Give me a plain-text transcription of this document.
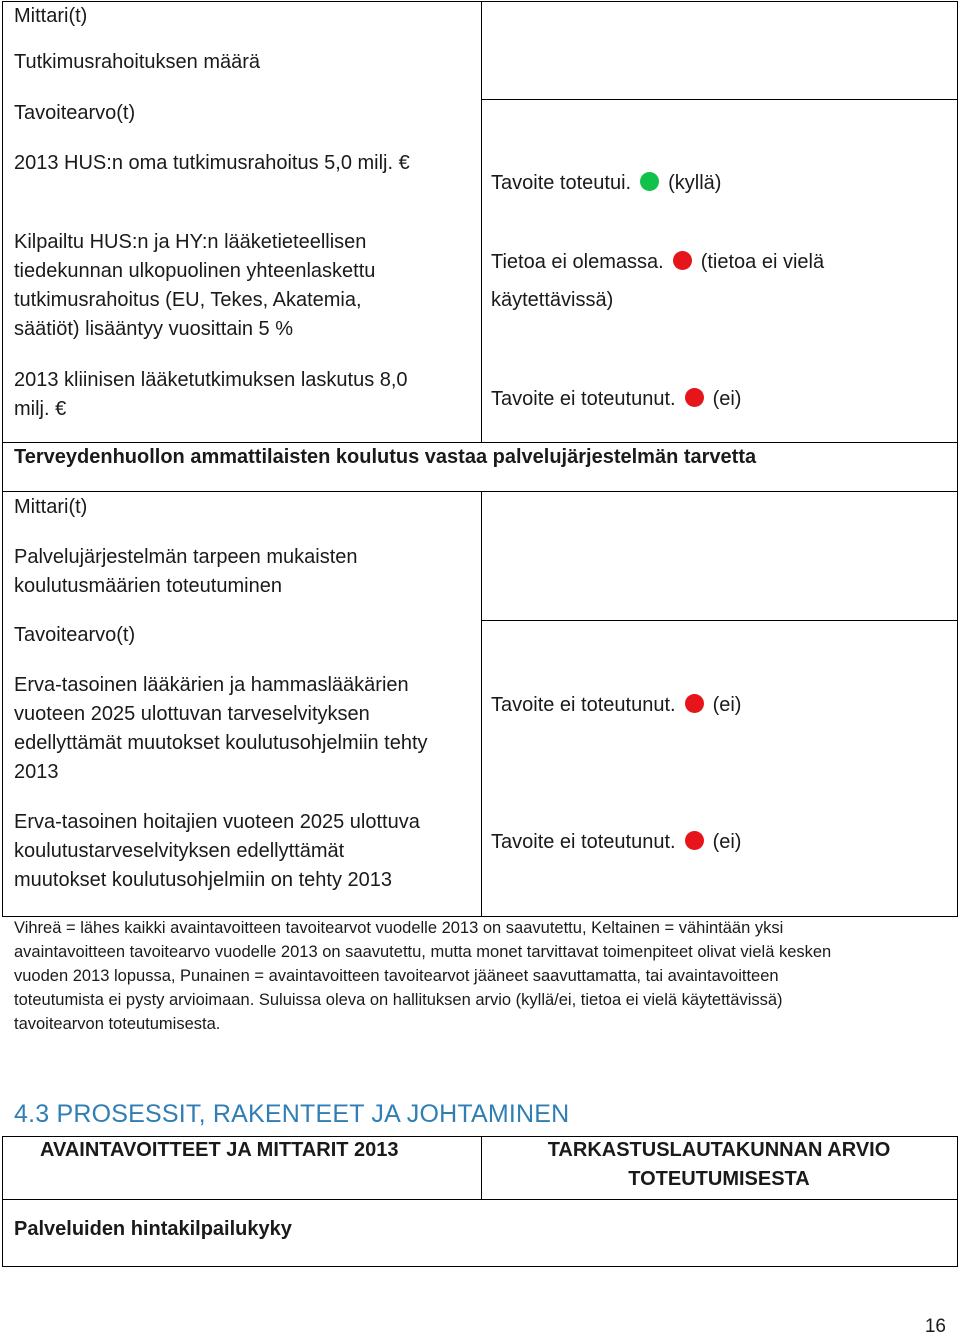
Mittari(t)
Tutkimusrahoituksen määrä
Tavoitearvo(t)
2013 HUS:n oma tutkimusrahoitus 5,0 milj. €
Kilpailtu HUS:n ja HY:n lääketieteellisen
tiedekunnan ulkopuolinen yhteenlaskettu
tutkimusrahoitus (EU, Tekes, Akatemia,
säätiöt) lisääntyy vuosittain 5 %
2013 kliinisen lääketutkimuksen laskutus 8,0
milj. €
Tavoite toteutui. (kyllä)
Tietoa ei olemassa. (tietoa ei vielä
käytettävissä)
Tavoite ei toteutunut. (ei)
Terveydenhuollon ammattilaisten koulutus vastaa palvelujärjestelmän tarvetta
Mittari(t)
Palvelujärjestelmän tarpeen mukaisten
koulutusmäärien toteutuminen
Tavoitearvo(t)
Erva-tasoinen lääkärien ja hammaslääkärien
vuoteen 2025 ulottuvan tarveselvityksen
edellyttämät muutokset koulutusohjelmiin tehty
2013
Erva-tasoinen hoitajien vuoteen 2025 ulottuva
koulutustarveselvityksen edellyttämät
muutokset koulutusohjelmiin on tehty 2013
Tavoite ei toteutunut. (ei)
Tavoite ei toteutunut. (ei)
Vihreä = lähes kaikki avaintavoitteen tavoitearvot vuodelle 2013 on saavutettu, Keltainen = vähintään yksi
avaintavoitteen tavoitearvo vuodelle 2013 on saavutettu, mutta monet tarvittavat toimenpiteet olivat vielä kesken
vuoden 2013 lopussa, Punainen = avaintavoitteen tavoitearvot jääneet saavuttamatta, tai avaintavoitteen
toteutumista ei pysty arvioimaan. Suluissa oleva on hallituksen arvio (kyllä/ei, tietoa ei vielä käytettävissä)
tavoitearvon toteutumisesta.
4.3 PROSESSIT, RAKENTEET JA JOHTAMINEN
AVAINTAVOITTEET JA MITTARIT 2013	TARKASTUSLAUTAKUNNAN ARVIO
TOTEUTUMISESTA
Palveluiden hintakilpailukyky
16
